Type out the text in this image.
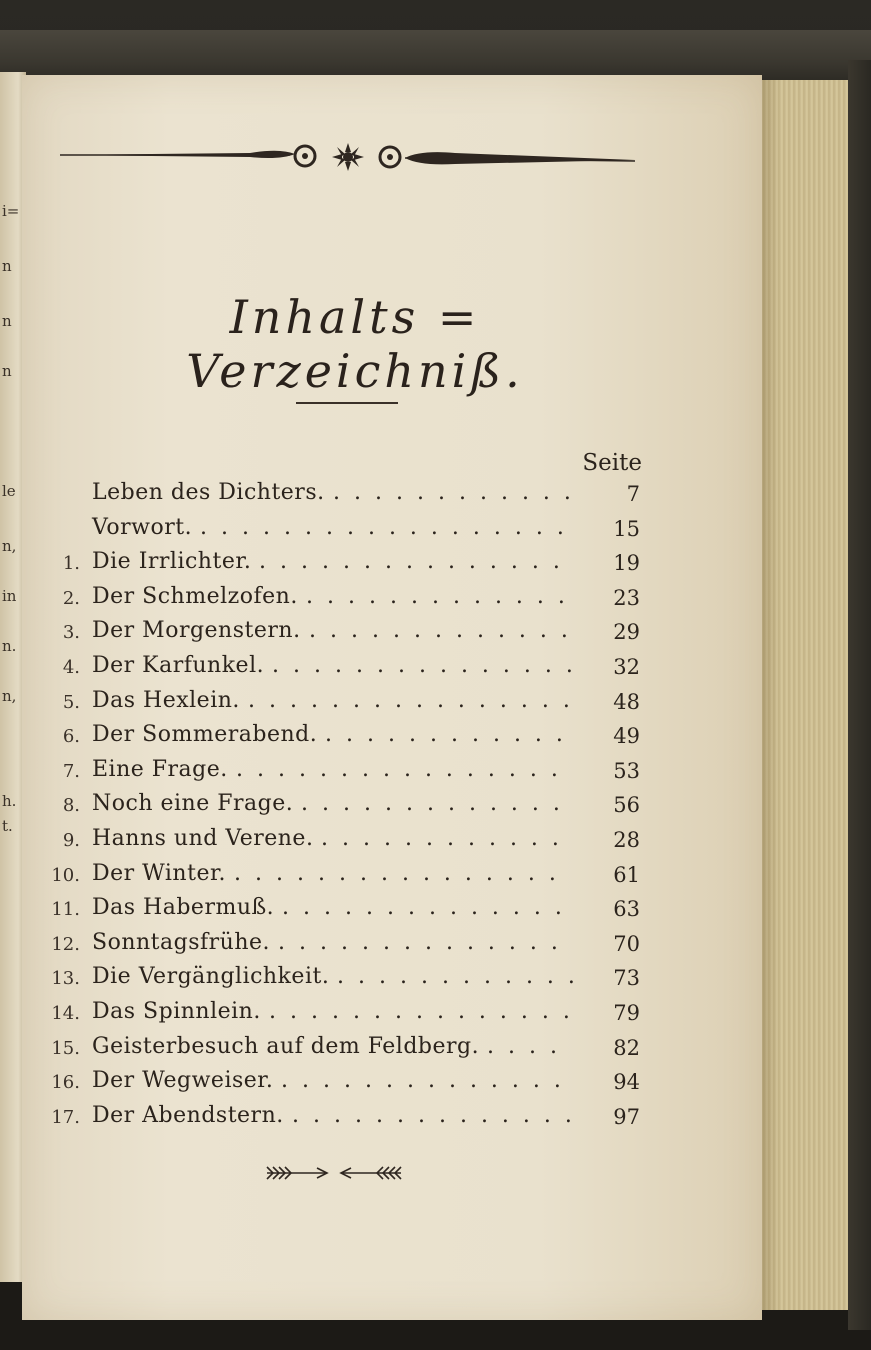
i=
n
n
n
le
n,
in
n.
n,
h.
t.
Inhalts = Verzeichniß.
Seite
Leben des Dichters. ............	7
Vorwort. ..................	15
1. Die Irrlichter. ...............	19
2. Der Schmelzofen. .............	23
3. Der Morgenstern. .............	29
4. Der Karfunkel. ...............	32
5. Das Hexlein. ................	48
6. Der Sommerabend. ............	49
7. Eine Frage. ................	53
8. Noch eine Frage. .............	56
9. Hanns und Verene. ............	28
10. Der Winter. ................	61
11. Das Habermuß. ..............	63
12. Sonntagsfrühe. ..............	70
13. Die Vergänglichkeit. ............	73
14. Das Spinnlein. ...............	79
15. Geisterbesuch auf dem Feldberg. ....	82
16. Der Wegweiser. ..............	94
17. Der Abendstern. ..............	97
